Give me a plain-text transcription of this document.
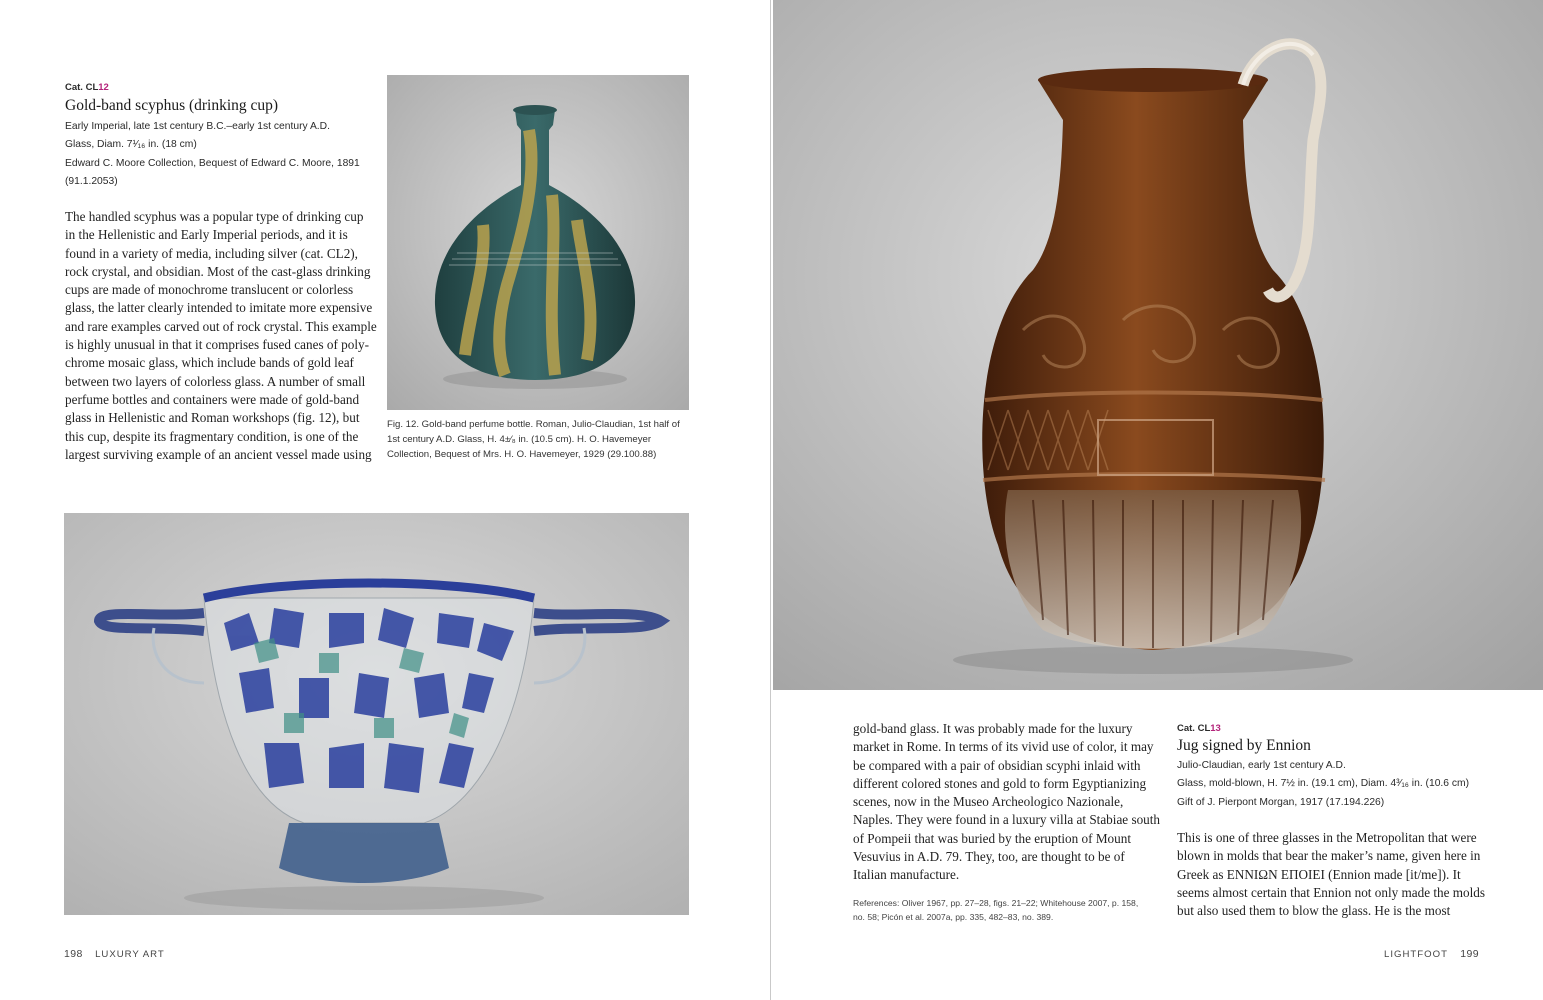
Cat. CL12
Gold-band scyphus (drinking cup)
Early Imperial, late 1st century B.C.–early 1st century A.D.
Glass, Diam. 7¹⁄₁₆ in. (18 cm)
Edward C. Moore Collection, Bequest of Edward C. Moore, 1891
(91.1.2053)
The handled scyphus was a popular type of drinking cup
in the Hellenistic and Early Imperial periods, and it is
found in a variety of media, including silver (cat. CL2),
rock crystal, and obsidian. Most of the cast-glass drinking
cups are made of monochrome translucent or colorless
glass, the latter clearly intended to imitate more expensive
and rare examples carved out of rock crystal. This example
is highly unusual in that it comprises fused canes of poly-
chrome mosaic glass, which include bands of gold leaf
between two layers of colorless glass. A number of small
perfume bottles and containers were made of gold-band
glass in Hellenistic and Roman workshops (fig. 12), but
this cup, despite its fragmentary condition, is one of the
largest surviving example of an ancient vessel made using
Fig. 12. Gold-band perfume bottle. Roman, Julio-Claudian, 1st half of
1st century A.D. Glass, H. 4±⁄₈ in. (10.5 cm). H. O. Havemeyer
Collection, Bequest of Mrs. H. O. Havemeyer, 1929 (29.100.88)
198 LUXURY ART
gold-band glass. It was probably made for the luxury
market in Rome. In terms of its vivid use of color, it may
be compared with a pair of obsidian scyphi inlaid with
different colored stones and gold to form Egyptianizing
scenes, now in the Museo Archeologico Nazionale,
Naples. They were found in a luxury villa at Stabiae south
of Pompeii that was buried by the eruption of Mount
Vesuvius in A.D. 79. They, too, are thought to be of
Italian manufacture.
References: Oliver 1967, pp. 27–28, figs. 21–22; Whitehouse 2007, p. 158,
no. 58; Picón et al. 2007a, pp. 335, 482–83, no. 389.
Cat. CL13
Jug signed by Ennion
Julio-Claudian, early 1st century A.D.
Glass, mold-blown, H. 7½ in. (19.1 cm), Diam. 4³⁄₁₆ in. (10.6 cm)
Gift of J. Pierpont Morgan, 1917 (17.194.226)
This is one of three glasses in the Metropolitan that were
blown in molds that bear the maker’s name, given here in
Greek as ΕΝΝΙΩΝ ΕΠΟΙΕΙ (Ennion made [it/me]). It
seems almost certain that Ennion not only made the molds
but also used them to blow the glass. He is the most
LIGHTFOOT 199
